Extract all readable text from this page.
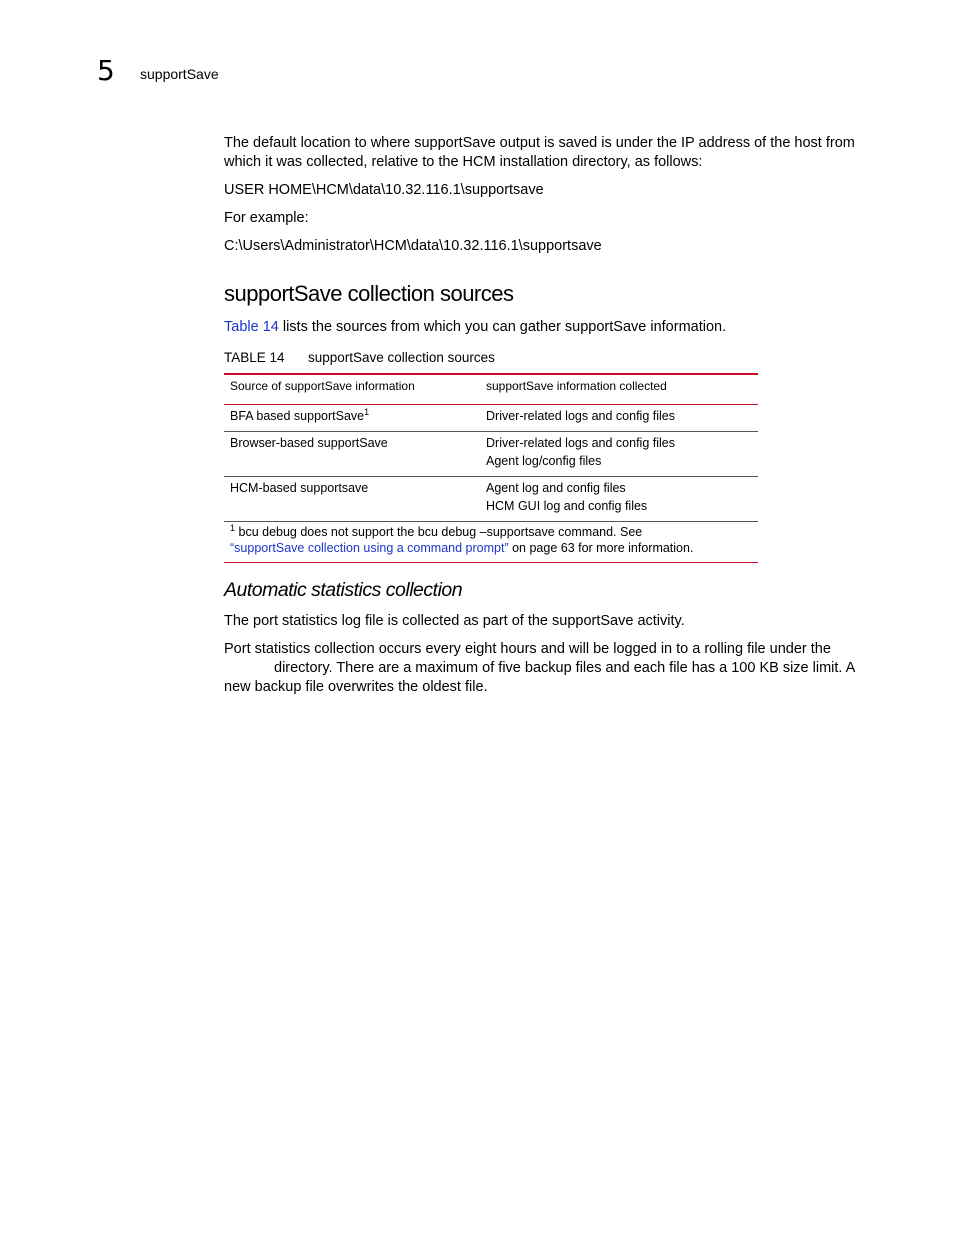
5 supportSave

The default location to where supportSave output is saved is under the IP address of the host from which it was collected, relative to the HCM installation directory, as follows:

USER HOME\HCM\data\10.32.116.1\supportsave

For example:

C:\Users\Administrator\HCM\data\10.32.116.1\supportsave

supportSave collection sources

Table 14 lists the sources from which you can gather supportSave information.

TABLE 14 supportSave collection sources
Source of supportSave information	supportSave information collected
BFA based supportSave$^1$	Driver-related logs and config files

Browser-based supportSave	Driver-related logs and config files
Agent log/config files

HCM-based supportsave	Agent log and config files
HCM GUI log and config files

$^1$ bcu debug does not support the bcu debug –supportsave command. See
“supportSave collection using a command prompt” on page 63 for more information.	
Automatic statistics collection

The port statistics log file is collected as part of the supportSave activity.

Port statistics collection occurs every eight hours and will be logged in to a rolling file under the
directory. There are a maximum of five backup files and each file has a 100 KB size limit. A new backup file overwrites the oldest file.
